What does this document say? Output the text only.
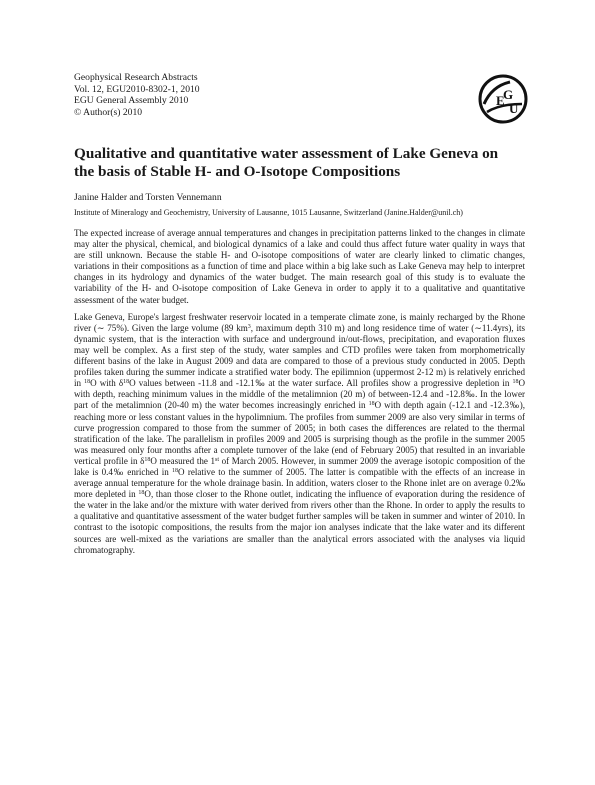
Geophysical Research Abstracts
Vol. 12, EGU2010-8302-1, 2010
EGU General Assembly 2010
© Author(s) 2010
E
G
U
Qualitative and quantitative water assessment of Lake Geneva on the basis of Stable H- and O-Isotope Compositions
Janine Halder and Torsten Vennemann
Institute of Mineralogy and Geochemistry, University of Lausanne, 1015 Lausanne, Switzerland (Janine.Halder@unil.ch)

The expected increase of average annual temperatures and changes in precipitation patterns linked to the changes in climate may alter the physical, chemical, and biological dynamics of a lake and could thus affect future water quality in ways that are still unknown. Because the stable H- and O-isotope compositions of water are clearly linked to climatic changes, variations in their compositions as a function of time and place within a big lake such as Lake Geneva may help to interpret changes in its hydrology and dynamics of the water budget. The main research goal of this study is to evaluate the variability of the H- and O-isotope composition of Lake Geneva in order to apply it to a qualitative and quantitative assessment of the water budget.

Lake Geneva, Europe's largest freshwater reservoir located in a temperate climate zone, is mainly recharged by the Rhone river (∼ 75%). Given the large volume (89 $km^3$, maximum depth 310 m) and long residence time of water (∼11.4yrs), its dynamic system, that is the interaction with surface and underground in/out-flows, precipitation, and evaporation fluxes may well be complex. As a first step of the study, water samples and CTD profiles were taken from morphometrically different basins of the lake in August 2009 and data are compared to those of a previous study conducted in 2005. Depth profiles taken during the summer indicate a stratified water body. The epilimnion (uppermost 2-12 m) is relatively enriched in $^{18}$O with $\delta^{18}O$ values between -11.8 and -12.1‰ at the water surface. All profiles show a progressive depletion in $^{18}$O with depth, reaching minimum values in the middle of the metalimnion (20 m) of between-12.4 and -12.8‰. In the lower part of the metalimnion (20-40 m) the water becomes increasingly enriched in $^{18}$O with depth again (-12.1 and -12.3‰), reaching more or less constant values in the hypolimnium. The profiles from summer 2009 are also very similar in terms of curve progression compared to those from the summer of 2005; in both cases the differences are related to the thermal stratification of the lake. The parallelism in profiles 2009 and 2005 is surprising though as the profile in the summer 2005 was measured only four months after a complete turnover of the lake (end of February 2005) that resulted in an invariable vertical profile in $\delta^{18}O$ measured the 1st of March 2005. However, in summer 2009 the average isotopic composition of the lake is 0.4‰ enriched in $^{18}$O relative to the summer of 2005. The latter is compatible with the effects of an increase in average annual temperature for the whole drainage basin. In addition, waters closer to the Rhone inlet are on average 0.2‰ more depleted in $^{18}$O, than those closer to the Rhone outlet, indicating the influence of evaporation during the residence of the water in the lake and/or the mixture with water derived from rivers other than the Rhone. In order to apply the results to a qualitative and quantitative assessment of the water budget further samples will be taken in summer and winter of 2010. In contrast to the isotopic compositions, the results from the major ion analyses indicate that the lake water and its different sources are well-mixed as the variations are smaller than the analytical errors associated with the analyses via liquid chromatography.
